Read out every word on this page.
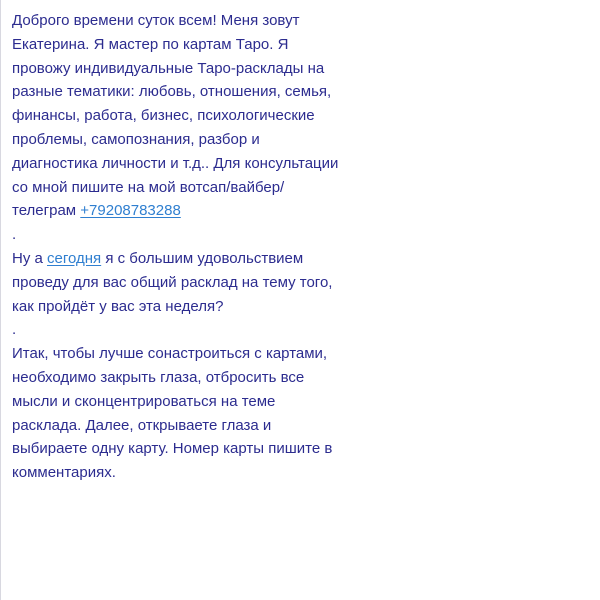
Доброго времени суток всем! Меня зовут Екатерина. Я мастер по картам Таро. Я провожу индивидуальные Таро-расклады на разные тематики: любовь, отношения, семья, финансы, работа, бизнес, психологические проблемы, самопознания, разбор и диагностика личности и т.д.. Для консультации со мной пишите на мой вотсап/вайбер/телеграм +79208783288

.

Ну а сегодня я с большим удовольствием проведу для вас общий расклад на тему того, как пройдёт у вас эта неделя?

.

Итак, чтобы лучше сонастроиться с картами, необходимо закрыть глаза, отбросить все мысли и сконцентрироваться на теме расклада. Далее, открываете глаза и выбираете одну карту. Номер карты пишите в комментариях.
